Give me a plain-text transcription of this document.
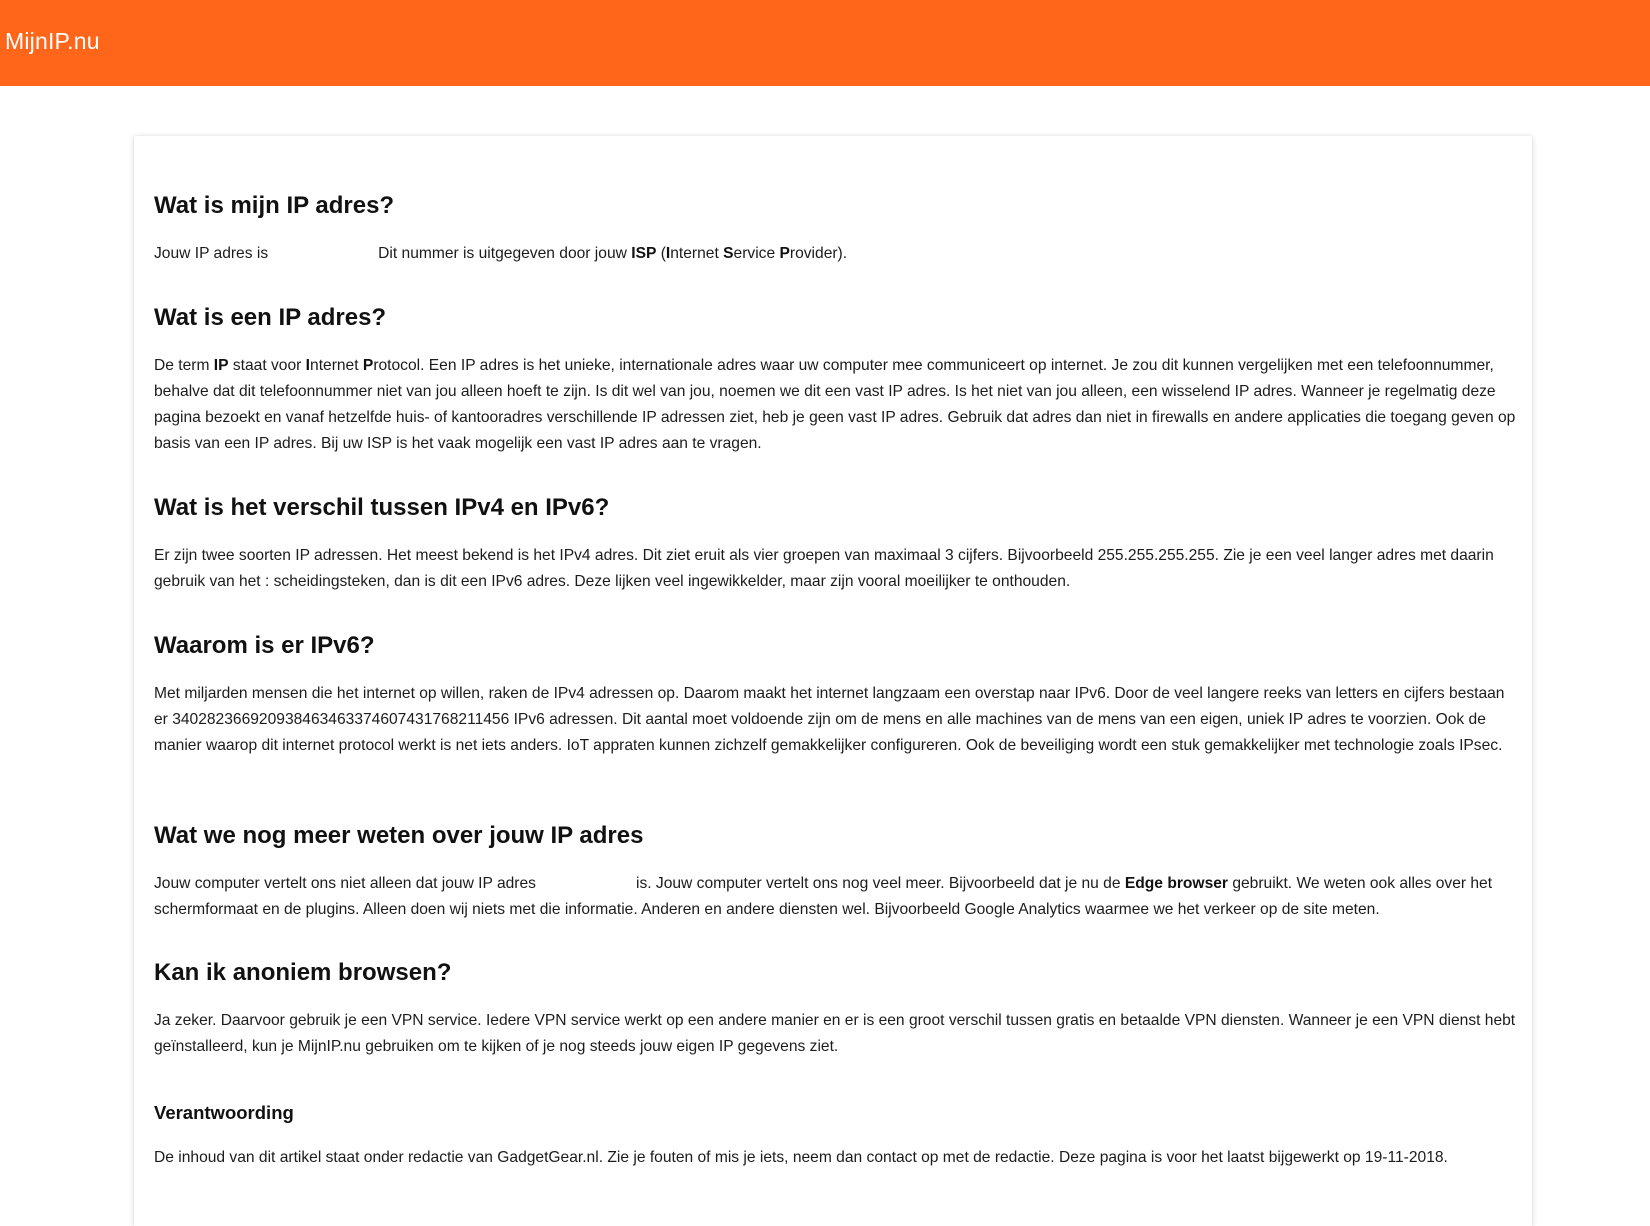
MijnIP.nu
Wat is mijn IP adres?

Jouw IP adres is	Dit nummer is uitgegeven door jouw ISP (Internet Service Provider).

Wat is een IP adres?

De term IP staat voor Internet Protocol. Een IP adres is het unieke, internationale adres waar uw computer mee communiceert op internet. Je zou dit kunnen vergelijken met een telefoonnummer, behalve dat dit telefoonnummer niet van jou alleen hoeft te zijn. Is dit wel van jou, noemen we dit een vast IP adres. Is het niet van jou alleen, een wisselend IP adres. Wanneer je regelmatig deze pagina bezoekt en vanaf hetzelfde huis- of kantooradres verschillende IP adressen ziet, heb je geen vast IP adres. Gebruik dat adres dan niet in firewalls en andere applicaties die toegang geven op basis van een IP adres. Bij uw ISP is het vaak mogelijk een vast IP adres aan te vragen.

Wat is het verschil tussen IPv4 en IPv6?

Er zijn twee soorten IP adressen. Het meest bekend is het IPv4 adres. Dit ziet eruit als vier groepen van maximaal 3 cijfers. Bijvoorbeeld 255.255.255.255. Zie je een veel langer adres met daarin gebruik van het : scheidingsteken, dan is dit een IPv6 adres. Deze lijken veel ingewikkelder, maar zijn vooral moeilijker te onthouden.

Waarom is er IPv6?

Met miljarden mensen die het internet op willen, raken de IPv4 adressen op. Daarom maakt het internet langzaam een overstap naar IPv6. Door de veel langere reeks van letters en cijfers bestaan er 340282366920938463463374607431768211456 IPv6 adressen. Dit aantal moet voldoende zijn om de mens en alle machines van de mens van een eigen, uniek IP adres te voorzien. Ook de manier waarop dit internet protocol werkt is net iets anders. IoT appraten kunnen zichzelf gemakkelijker configureren. Ook de beveiliging wordt een stuk gemakkelijker met technologie zoals IPsec.

Wat we nog meer weten over jouw IP adres

Jouw computer vertelt ons niet alleen dat jouw IP adres	is. Jouw computer vertelt ons nog veel meer. Bijvoorbeeld dat je nu de Edge browser gebruikt. We weten ook alles over het schermformaat en de plugins. Alleen doen wij niets met die informatie. Anderen en andere diensten wel. Bijvoorbeeld Google Analytics waarmee we het verkeer op de site meten.

Kan ik anoniem browsen?

Ja zeker. Daarvoor gebruik je een VPN service. Iedere VPN service werkt op een andere manier en er is een groot verschil tussen gratis en betaalde VPN diensten. Wanneer je een VPN dienst hebt geïnstalleerd, kun je MijnIP.nu gebruiken om te kijken of je nog steeds jouw eigen IP gegevens ziet.

Verantwoording

De inhoud van dit artikel staat onder redactie van GadgetGear.nl. Zie je fouten of mis je iets, neem dan contact op met de redactie. Deze pagina is voor het laatst bijgewerkt op 19-11-2018.
